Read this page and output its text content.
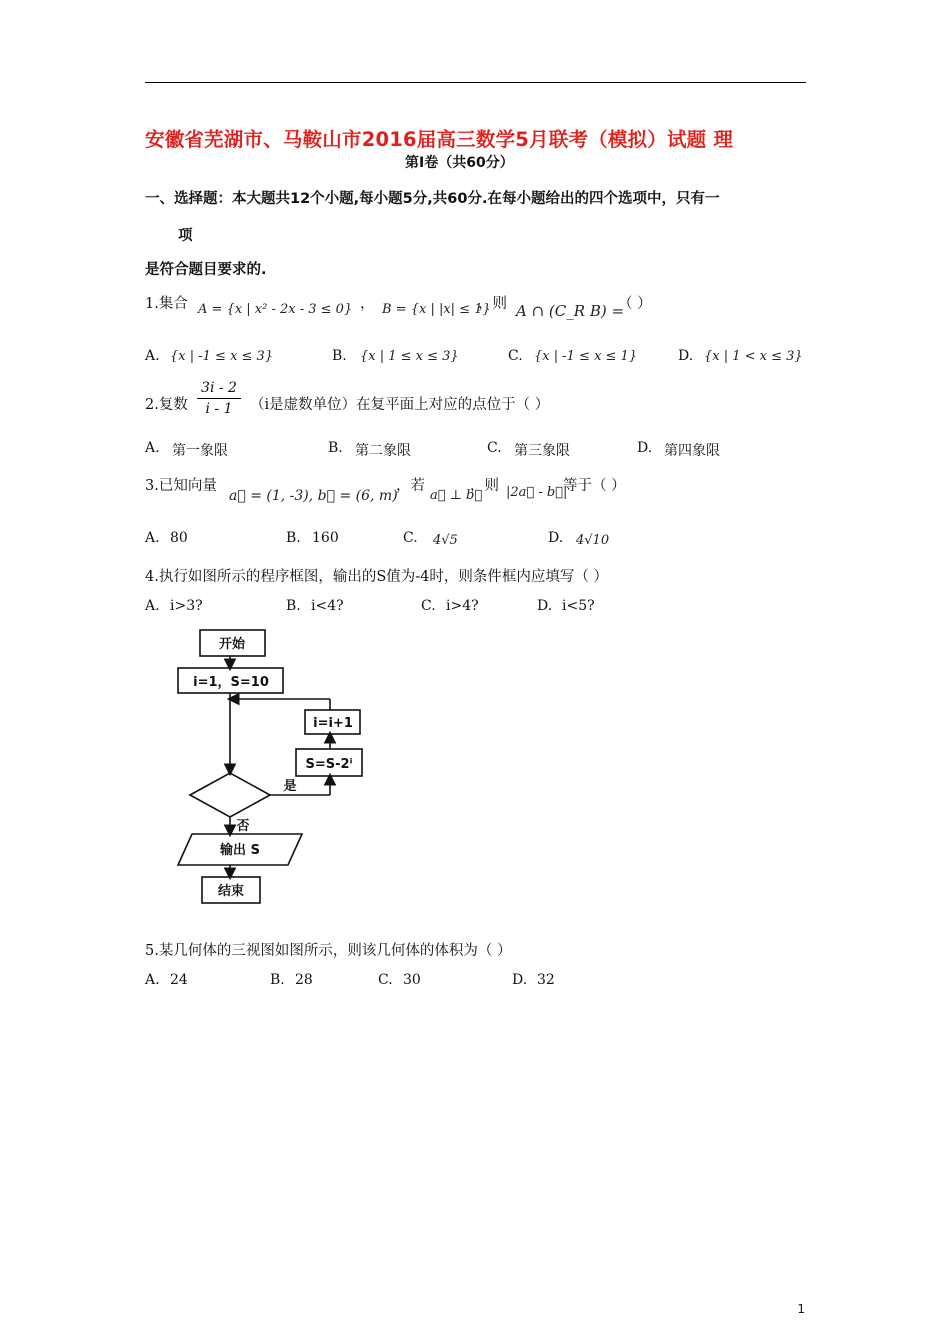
安徽省芜湖市、马鞍山市2016届高三数学5月联考（模拟）试题 理
第Ⅰ卷（共60分）
一、选择题：本大题共12个小题,每小题5分,共60分.在每小题给出的四个选项中，只有一
项
是符合题目要求的.
1.集合 A = {x | x² - 2x - 3 ≤ 0} ， B = {x | |x| ≤ 1}
，则 A ∩ (C_R B) =
（ ）
A. {x | -1 ≤ x ≤ 3}	B. {x | 1 ≤ x ≤ 3}	C. {x | -1 ≤ x ≤ 1}	D. {x | 1 < x ≤ 3}
2.复数
3i - 2
i - 1	（i是虚数单位）在复平面上对应的点位于（ ）
A. 第一象限	B. 第二象限	C. 第三象限	D. 第四象限
3.已知向量
a⃗ = (1, -3), b⃗ = (6, m)
，若
a⃗ ⊥ b⃗
，则 |2a⃗ - b⃗|
等于（ ）
A. 80	B. 160	C. 4√5	D. 4√10
4.执行如图所示的程序框图，输出的S值为-4时，则条件框内应填写（ ）
A. i>3?	B. i<4?	C. i>4?	D. i<5?
开始
i=1，S=10
i=i+1
S=S-2ⁱ
是
否
输出 S
结束
5.某几何体的三视图如图所示，则该几何体的体积为（ ）
A. 24	B. 28	C. 30	D. 32
1
